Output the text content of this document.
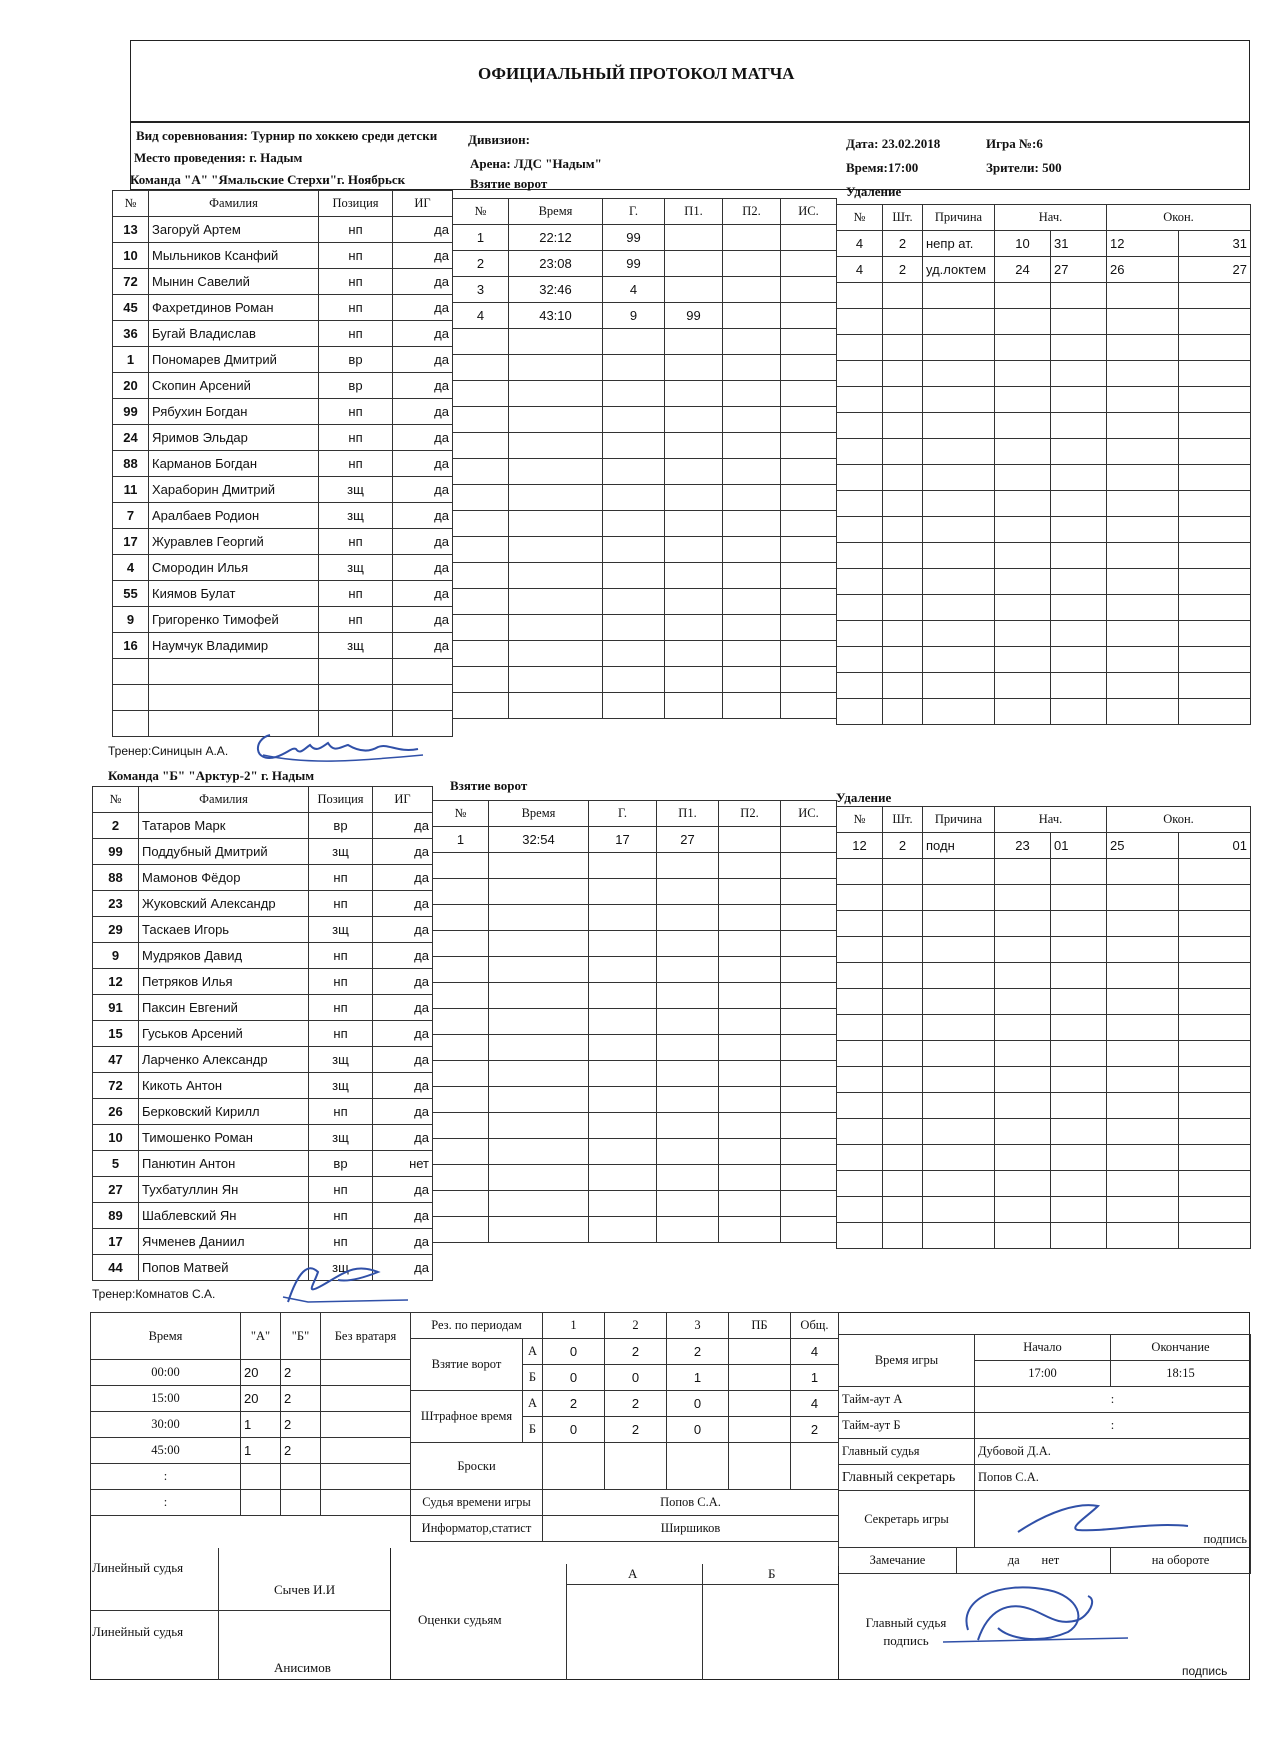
ОФИЦИАЛЬНЫЙ ПРОТОКОЛ МАТЧА
Вид соревнования: Турнир по хоккею среди детски Дивизион:	Дата: 23.02.2018	Игра №:6
Место проведения: г. Надым	Арена: ЛДС "Надым"	Время:17:00	Зрители: 500
Команда "А" "Ямальские Стерхи"г. Ноябрьск	Взятие ворот
Удаление
№	Фамилия	Позиция	ИГ
13	Загоруй Артем	нп	да
10	Мыльников Ксанфий	нп	да
72	Мынин Савелий	нп	да
45	Фахретдинов Роман	нп	да
36	Бугай Владислав	нп	да
1	Пономарев Дмитрий	вр	да
20	Скопин Арсений	вр	да
99	Рябухин Богдан	нп	да
24	Яримов Эльдар	нп	да
88	Карманов Богдан	нп	да
11	Хараборин Дмитрий	зщ	да
7	Аралбаев Родион	зщ	да
17	Журавлев Георгий	нп	да
4	Смородин Илья	зщ	да
55	Киямов Булат	нп	да
9	Григоренко Тимофей	нп	да
16	Наумчук Владимир	зщ	да

№	Время	Г.	П1.	П2.	ИС.
1	22:12	99			
2	23:08	99			
3	32:46	4			
4	43:10	9	99		

№	Шт.	Причина	Нач.		Окон.	
4	2	непр ат.	10	31	12	31
4	2	уд.локтем	24	27	26	27

Тренер:Синицын А.А.
Команда "Б" "Арктур-2" г. Надым
Взятие ворот
Удаление
№	Фамилия	Позиция	ИГ
2	Татаров Марк	вр	да
99	Поддубный Дмитрий	зщ	да
88	Мамонов Фёдор	нп	да
23	Жуковский Александр	нп	да
29	Таскаев Игорь	зщ	да
9	Мудряков Давид	нп	да
12	Петряков Илья	нп	да
91	Паксин Евгений	нп	да
15	Гуськов Арсений	нп	да
47	Ларченко Александр	зщ	да
72	Кикоть Антон	зщ	да
26	Берковский Кирилл	нп	да
10	Тимошенко Роман	зщ	да
5	Панютин Антон	вр	нет
27	Тухбатуллин Ян	нп	да
89	Шаблевский Ян	нп	да
17	Ячменев Даниил	нп	да
44	Попов Матвей	зщ	да
№	Время	Г.	П1.	П2.	ИС.
1	32:54	17	27		

№	Шт.	Причина	Нач.		Окон.	
12	2	подн	23	01	25	01

Тренер:Комнатов С.А.
Время	"А"	"Б"	Без вратаря
00:00	20	2	
15:00	20	2	
30:00	1	2	
45:00	1	2	
:			
:			
Рез. по периодам		1	2	3	ПБ	Общ.
Взятие ворот	А	0	2	2		4
	Б	0	0	1		1
Штрафное время	А	2	2	0		4
	Б	0	2	0		2
Броски						
Судья времени игры		Попов С.А.				
Информатор,статист		Ширшиков				
Время игры		Начало	Окончание
		17:00	18:15
Тайм-аут А		:	
Тайм-аут Б		:	
Главный судья		Дубовой Д.А.	
Главный секретарь		Попов С.А.	
Секретарь игры		подпись	
Замечание	да нет		на обороте
Линейный судья
Сычев И.И
Линейный судья
Анисимов
Оценки судьям
А	Б
Главный судья подпись
подпись
